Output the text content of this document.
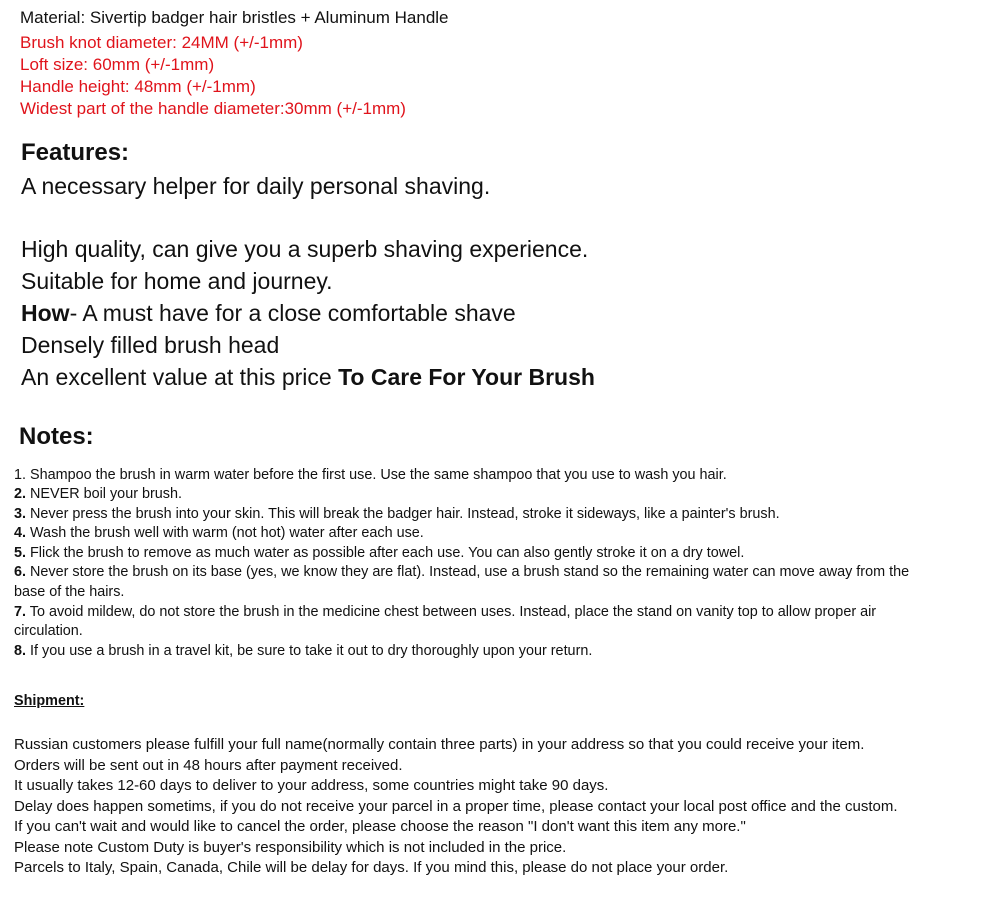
Material: Sivertip badger hair bristles + Aluminum Handle
Brush knot diameter: 24MM (+/-1mm)
Loft size: 60mm (+/-1mm)
Handle height: 48mm (+/-1mm)
Widest part of the handle diameter:30mm (+/-1mm)
Features:
A necessary helper for daily personal shaving.
High quality, can give you a superb shaving experience.
Suitable for home and journey.
How- A must have for a close comfortable shave
Densely filled brush head
An excellent value at this price To Care For Your Brush
Notes:
1. Shampoo the brush in warm water before the first use. Use the same shampoo that you use to wash you hair.
2. NEVER boil your brush.
3. Never press the brush into your skin. This will break the badger hair. Instead, stroke it sideways, like a painter's brush.
4. Wash the brush well with warm (not hot) water after each use.
5. Flick the brush to remove as much water as possible after each use. You can also gently stroke it on a dry towel.
6. Never store the brush on its base (yes, we know they are flat). Instead, use a brush stand so the remaining water can move away from the
base of the hairs.
7. To avoid mildew, do not store the brush in the medicine chest between uses. Instead, place the stand on vanity top to allow proper air
circulation.
8. If you use a brush in a travel kit, be sure to take it out to dry thoroughly upon your return.
Shipment:
Russian customers please fulfill your full name(normally contain three parts) in your address so that you could receive your item.
Orders will be sent out in 48 hours after payment received.
It usually takes 12-60 days to deliver to your address, some countries might take 90 days.
Delay does happen sometims, if you do not receive your parcel in a proper time, please contact your local post office and the custom.
If you can't wait and would like to cancel the order, please choose the reason "I don't want this item any more."
Please note Custom Duty is buyer's responsibility which is not included in the price.
Parcels to Italy, Spain, Canada, Chile will be delay for days. If you mind this, please do not place your order.
